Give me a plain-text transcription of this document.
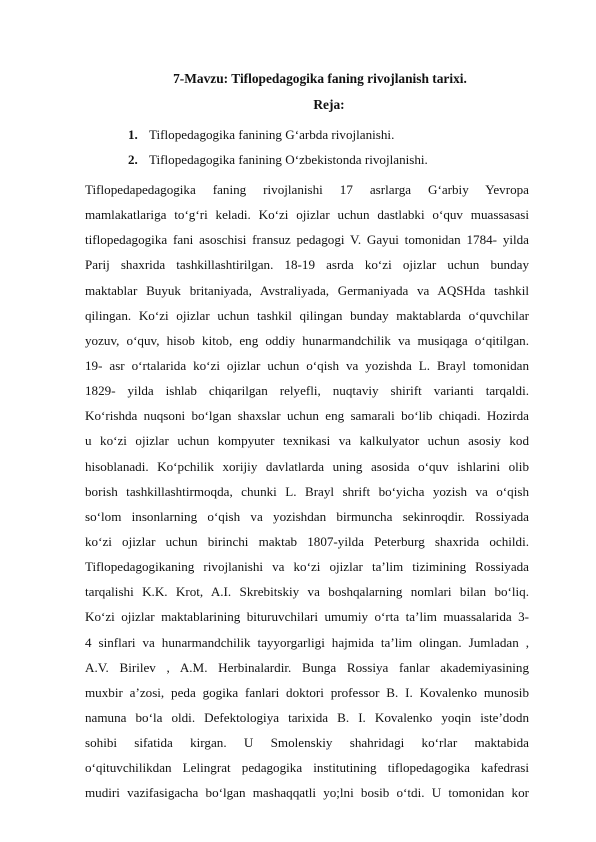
7-Mavzu: Tiflopedagogika faning rivojlanish tarixi.
Reja:
1. Tiflopedagogika fanining G‘arbda rivojlanishi.
2. Tiflopedagogika fanining O‘zbekistonda rivojlanishi.
Tiflopedapedagogika faning rivojlanishi 17 asrlarga G‘arbiy Yevropa
mamlakatlariga to‘g‘ri keladi. Ko‘zi ojizlar uchun dastlabki o‘quv muassasasi
tiflopedagogika fani asoschisi fransuz pedagogi V. Gayui tomonidan 1784- yilda
Parij shaxrida tashkillashtirilgan. 18-19 asrda ko‘zi ojizlar uchun bunday
maktablar Buyuk britaniyada, Avstraliyada, Germaniyada va AQSHda tashkil
qilingan. Ko‘zi ojizlar uchun tashkil qilingan bunday maktablarda o‘quvchilar
yozuv, o‘quv, hisob kitob, eng oddiy hunarmandchilik va musiqaga o‘qitilgan.
19- asr o‘rtalarida ko‘zi ojizlar uchun o‘qish va yozishda L. Brayl tomonidan
1829- yilda ishlab chiqarilgan relyefli, nuqtaviy shirift varianti tarqaldi.
Ko‘rishda nuqsoni bo‘lgan shaxslar uchun eng samarali bo‘lib chiqadi. Hozirda
u ko‘zi ojizlar uchun kompyuter texnikasi va kalkulyator uchun asosiy kod
hisoblanadi. Ko‘pchilik xorijiy davlatlarda uning asosida o‘quv ishlarini olib
borish tashkillashtirmoqda, chunki L. Brayl shrift bo‘yicha yozish va o‘qish
so‘lom insonlarning o‘qish va yozishdan birmuncha sekinroqdir. Rossiyada
ko‘zi ojizlar uchun birinchi maktab 1807-yilda Peterburg shaxrida ochildi.
Tiflopedagogikaning rivojlanishi va ko‘zi ojizlar ta’lim tizimining Rossiyada
tarqalishi K.K. Krot, A.I. Skrebitskiy va boshqalarning nomlari bilan bo‘liq.
Ko‘zi ojizlar maktablarining bituruvchilari umumiy o‘rta ta’lim muassalarida 3-
4 sinflari va hunarmandchilik tayyorgarligi hajmida ta’lim olingan. Jumladan ,
A.V. Birilev , A.M. Herbinalardir. Bunga Rossiya fanlar akademiyasining
muxbir a’zosi, peda gogika fanlari doktori professor B. I. Kovalenko munosib
namuna bo‘la oldi. Defektologiya tarixida B. I. Kovalenko yoqin iste’dodn
sohibi sifatida kirgan. U Smolenskiy shahridagi ko‘rlar maktabida
o‘qituvchilikdan Lelingrat pedagogika institutining tiflopedagogika kafedrasi
mudiri vazifasigacha bo‘lgan mashaqqatli yo;lni bosib o‘tdi. U tomonidan kor
